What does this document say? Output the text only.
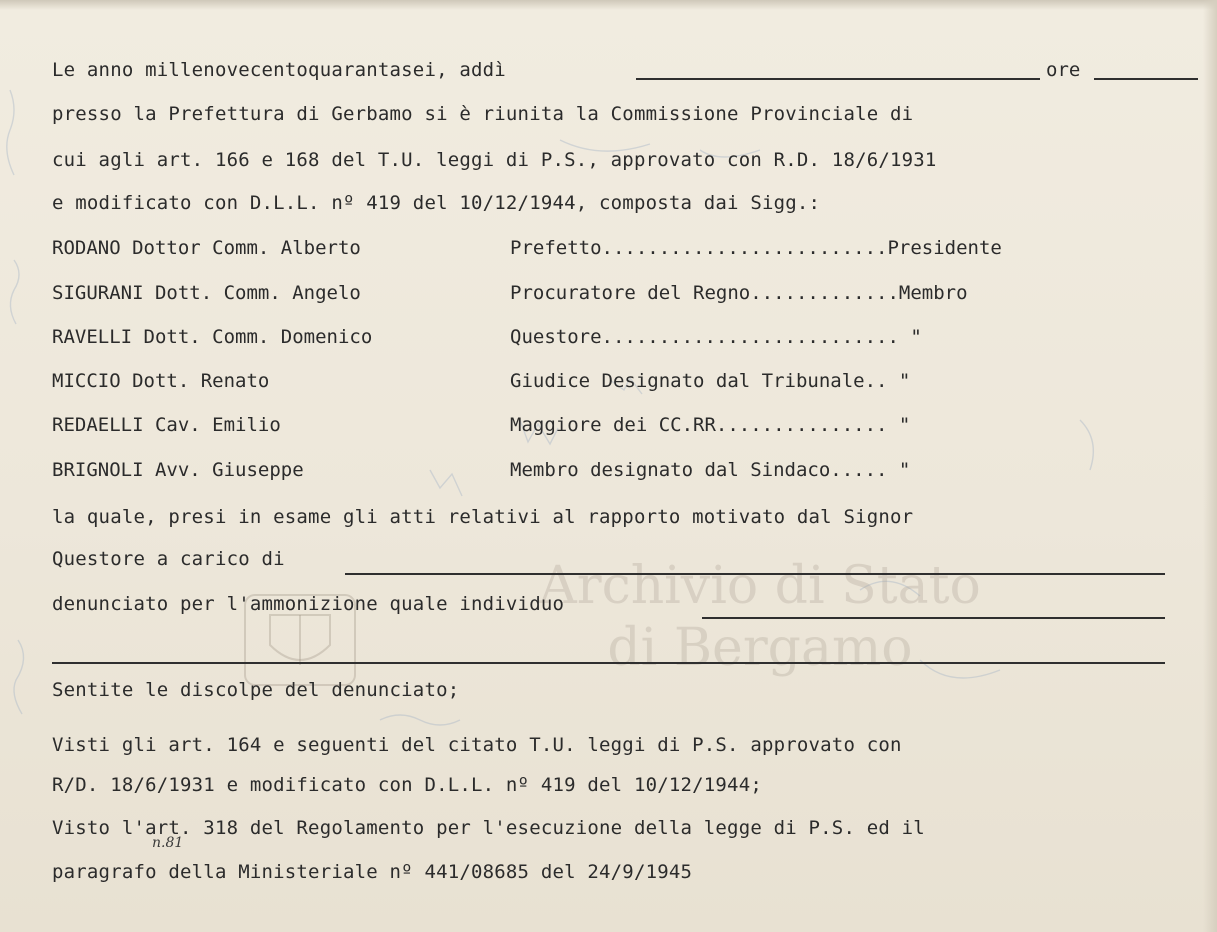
Archivio di Stato
di Bergamo
Le anno millenovecentoquarantasei, addì	ore
presso la Prefettura di Gerbamo si è riunita la Commissione Provinciale di
cui agli art. 166 e 168 del T.U. leggi di P.S., approvato con R.D. 18/6/1931
e modificato con D.L.L. nº 419 del 10/12/1944, composta dai Sigg.:
RODANO Dottor Comm. Alberto	Prefetto.........................Presidente
SIGURANI Dott. Comm. Angelo	Procuratore del Regno.............Membro
RAVELLI Dott. Comm. Domenico	Questore.......................... "
MICCIO Dott. Renato	Giudice Designato dal Tribunale.. "
REDAELLI Cav. Emilio	Maggiore dei CC.RR............... "
BRIGNOLI Avv. Giuseppe	Membro designato dal Sindaco..... "
la quale, presi in esame gli atti relativi al rapporto motivato dal Signor
Questore a carico di
denunciato per l'ammonizione quale individuo
Sentite le discolpe del denunciato;
Visti gli art. 164 e seguenti del citato T.U. leggi di P.S. approvato con
R/D. 18/6/1931 e modificato con D.L.L. nº 419 del 10/12/1944;
Visto l'art. 318 del Regolamento per l'esecuzione della legge di P.S. ed il
n.81
paragrafo della Ministeriale nº 441/08685 del 24/9/1945
